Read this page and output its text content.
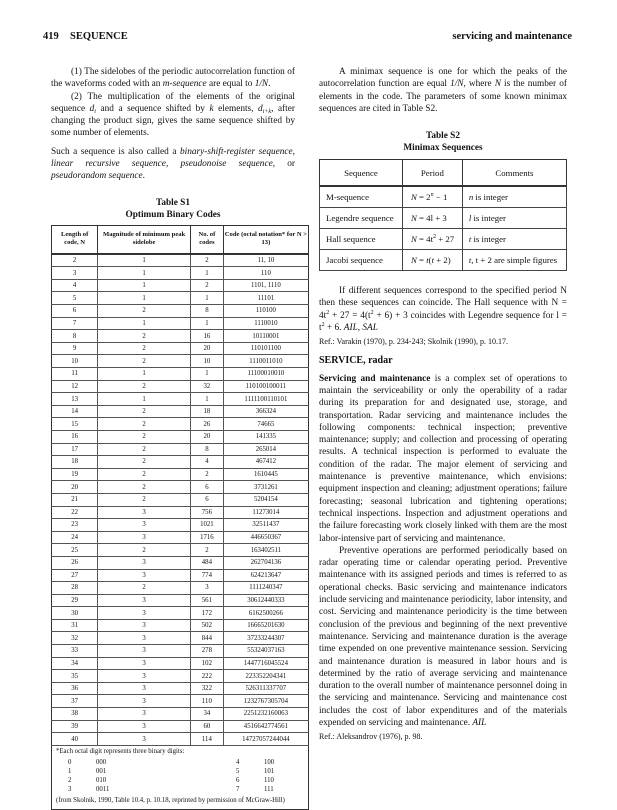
419 SEQUENCE	servicing and maintenance

(1) The sidelobes of the periodic autocorrelation function of the waveforms coded with an m-sequence are equal to 1/N.

(2) The multiplication of the elements of the original sequence $d_i$ and a sequence shifted by k elements, $d_{i+k}$, after changing the product sign, gives the same sequence shifted by some number of elements.

Such a sequence is also called a binary-shift-register sequence, linear recursive sequence, pseudonoise sequence, or pseudorandom sequence.

Table S1
Optimum Binary Codes
Length of code, N	Magnitude of minimum peak sidelobe	No. of codes	Code (octal notation* for N > 13)
2	1	2	11, 10
3	1	1	110
4	1	2	1101, 1110
5	1	1	11101
6	2	8	110100
7	1	1	1110010
8	2	16	10110001
9	2	20	110101100
10	2	10	1110011010
11	1	1	11100010010
12	2	32	110100100011
13	1	1	1111100110101
14	2	18	366324
15	2	26	74665
16	2	20	141335
17	2	8	265014
18	2	4	467412
19	2	2	1610445
20	2	6	3731261
21	2	6	5204154
22	3	756	11273014
23	3	1021	32511437
24	3	1716	446650367
25	2	2	163402511
26	3	484	262704136
27	3	774	624213647
28	2	3	1111240347
29	3	561	30612440333
30	3	172	6162500266
31	3	502	16665201630
32	3	844	37233244307
33	3	278	55324037163
34	3	102	1447716045524
35	3	222	223352204341
36	3	322	526311337707
37	3	110	1232767305704
38	3	34	2251232160063
39	3	60	4516642774561
40	3	114	14727057244044
*Each octal digit represents three binary digits:			

0	000	4	100
1	001	5	101
2	010	6	110
3	0011	7	111

(from Skolnik, 1990, Table 10.4, p. 10.18, reprinted by permission of McGraw-Hill)			

A minimax sequence is one for which the peaks of the autocorrelation function are equal 1/N, where N is the number of elements in the code. The parameters of some known minimax sequences are cited in Table S2.

Table S2
Minimax Sequences
Sequence	Period	Comments
M-sequence	$N = 2^n - 1$	n is integer
Legendre sequence	N = 4l + 3	l is integer
Hall sequence	$N = 4t^2 + 27$	t is integer
Jacobi sequence	N = t(t + 2)	t, t + 2 are simple figures

If different sequences correspond to the specified period N then these sequences can coincide. The Hall sequence with $N = 4t^2 + 27 = 4(t^2 + 6) + 3$ coincides with Legendre sequence for $l = t^2 + 6$. AIL, SAL

Ref.: Varakin (1970), p. 234-243; Skolnik (1990), p. 10.17.

SERVICE, radar

Servicing and maintenance is a complex set of operations to maintain the serviceability or only the operability of a radar during its preparation for and designated use, storage, and transportation. Radar servicing and maintenance includes the following components: technical inspection; preventive maintenance; supply; and collection and processing of operating results. A technical inspection is performed to evaluate the condition of the radar. The major element of servicing and maintenance is preventive maintenance, which envisions: equipment inspection and cleaning; adjustment operations; failure forecasting; seasonal lubrication and tightening operations; technical inspections. Inspection and adjustment operations and the failure forecasting work closely linked with them are the most labor-intensive part of servicing and maintenance.

Preventive operations are performed periodically based on radar operating time or calendar operating period. Preventive maintenance with its assigned periods and times is referred to as operational checks. Basic servicing and maintenance indicators include servicing and maintenance periodicity, labor intensity, and cost. Servicing and maintenance periodicity is the time between conclusion of the previous and beginning of the next preventive maintenance. Servicing and maintenance duration is the average time expended on one preventive maintenance session. Servicing and maintenance duration is measured in labor hours and is determined by the ratio of average servicing and maintenance duration to the overall number of maintenance personnel doing in the servicing and maintenance. Servicing and maintenance cost includes the cost of labor expenditures and of the materials expended on servicing and maintenance. AIL

Ref.: Aleksandrov (1976), p. 98.
